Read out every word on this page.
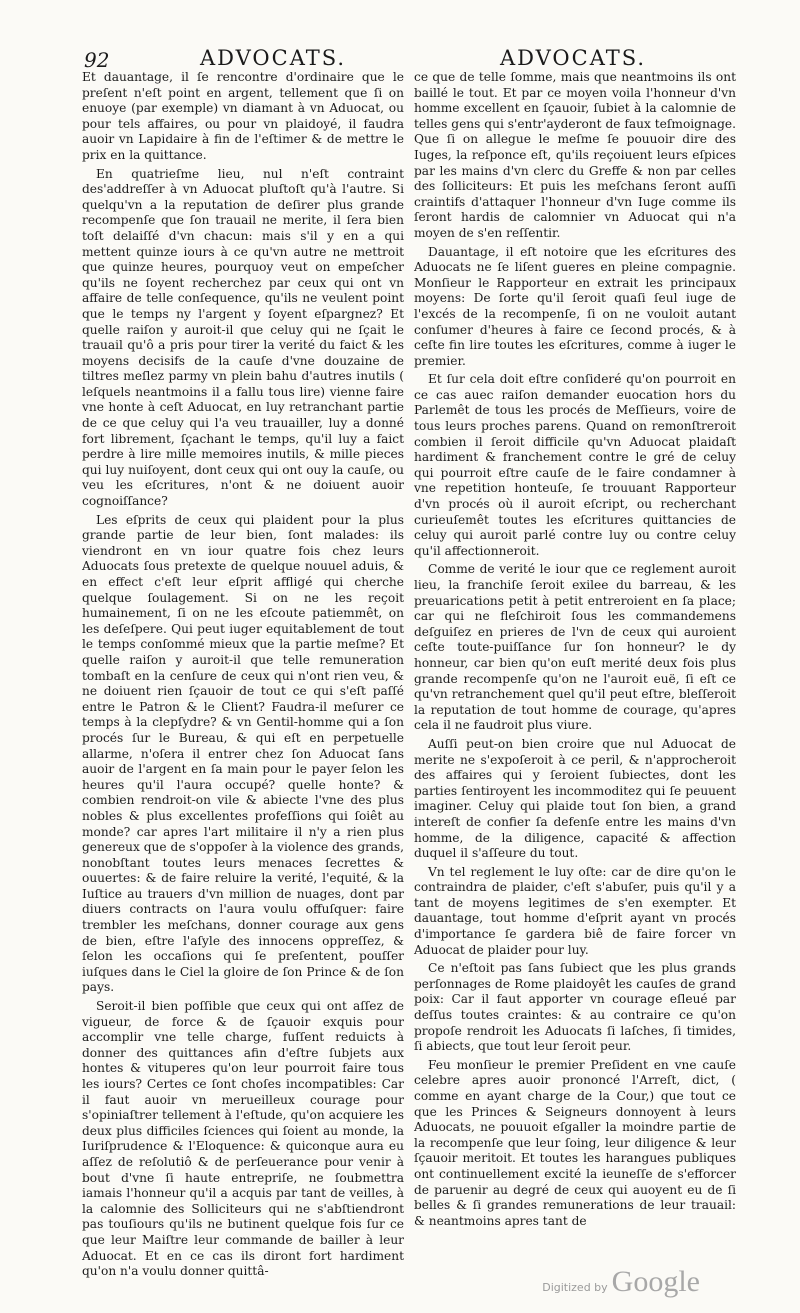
92	ADVOCATS.	ADVOCATS.

Et dauantage, il ſe rencontre d'ordinaire que le preſent n'eſt point en argent, tellement que ſi on enuoye (par exemple) vn diamant à vn Aduocat, ou pour tels affaires, ou pour vn plaidoyé, il faudra auoir vn Lapidaire à fin de l'eſtimer & de mettre le prix en la quittance.

En quatrieſme lieu, nul n'eſt contraint des'addreſſer à vn Aduocat pluſtoſt qu'à l'autre. Si quelqu'vn a la reputation de deſirer plus grande recompenſe que ſon trauail ne merite, il ſera bien toſt delaiſſé d'vn chacun: mais s'il y en a qui mettent quinze iours à ce qu'vn autre ne mettroit que quinze heures, pourquoy veut on empeſcher qu'ils ne ſoyent recherchez par ceux qui ont vn affaire de telle conſequence, qu'ils ne veulent point que le temps ny l'argent y ſoyent eſpargnez? Et quelle raiſon y auroit-il que celuy qui ne ſçait le trauail qu'ô a pris pour tirer la verité du faict & les moyens decisifs de la cauſe d'vne douzaine de tiltres meſlez parmy vn plein bahu d'autres inutils ( leſquels neantmoins il a fallu tous lire) vienne faire vne honte à ceſt Aduocat, en luy retranchant partie de ce que celuy qui l'a veu trauailler, luy a donné fort librement, ſçachant le temps, qu'il luy a faict perdre à lire mille memoires inutils, & mille pieces qui luy nuiſoyent, dont ceux qui ont ouy la cauſe, ou veu les eſcritures, n'ont & ne doiuent auoir cognoiſſance?

Les eſprits de ceux qui plaident pour la plus grande partie de leur bien, ſont malades: ils viendront en vn iour quatre fois chez leurs Aduocats ſous pretexte de quelque nouuel aduis, & en effect c'eſt leur eſprit affligé qui cherche quelque ſoulagement. Si on ne les reçoit humainement, ſi on ne les eſcoute patiemmêt, on les deſeſpere. Qui peut iuger equitablement de tout le temps conſommé mieux que la partie meſme? Et quelle raiſon y auroit-il que telle remuneration tombaſt en la cenſure de ceux qui n'ont rien veu, & ne doiuent rien ſçauoir de tout ce qui s'eſt paſſé entre le Patron & le Client? Faudra-il meſurer ce temps à la clepſydre? & vn Gentil-homme qui a ſon procés ſur le Bureau, & qui eſt en perpetuelle allarme, n'oſera il entrer chez ſon Aduocat ſans auoir de l'argent en ſa main pour le payer ſelon les heures qu'il l'aura occupé? quelle honte? & combien rendroit-on vile & abiecte l'vne des plus nobles & plus excellentes profeſſions qui ſoiêt au monde? car apres l'art militaire il n'y a rien plus genereux que de s'oppoſer à la violence des grands, nonobſtant toutes leurs menaces ſecrettes & ouuertes: & de faire reluire la verité, l'equité, & la Iuſtice au trauers d'vn million de nuages, dont par diuers contracts on l'aura voulu offuſquer: faire trembler les meſchans, donner courage aux gens de bien, eſtre l'aſyle des innocens oppreſſez, & ſelon les occaſions qui ſe preſentent, pouſſer iuſques dans le Ciel la gloire de ſon Prince & de ſon pays.

Seroit-il bien poſſible que ceux qui ont aſſez de vigueur, de force & de ſçauoir exquis pour accomplir vne telle charge, fuſſent reduicts à donner des quittances afin d'eſtre ſubjets aux hontes & vituperes qu'on leur pourroit faire tous les iours? Certes ce ſont choſes incompatibles: Car il faut auoir vn merueilleux courage pour s'opiniaſtrer tellement à l'eſtude, qu'on acquiere les deux plus difficiles ſciences qui ſoient au monde, la Iuriſprudence & l'Eloquence: & quiconque aura eu aſſez de reſolutiô & de perſeuerance pour venir à bout d'vne ſi haute entrepriſe, ne ſoubmettra iamais l'honneur qu'il a acquis par tant de veilles, à la calomnie des Solliciteurs qui ne s'abſtiendront pas touſiours qu'ils ne butinent quelque fois ſur ce que leur Maiſtre leur commande de bailler à leur Aduocat. Et en ce cas ils diront fort hardiment qu'on n'a voulu donner quittâ-

ce que de telle ſomme, mais que neantmoins ils ont baillé le tout. Et par ce moyen voila l'honneur d'vn homme excellent en ſçauoir, ſubiet à la calomnie de telles gens qui s'entr'ayderont de faux teſmoignage. Que ſi on allegue le meſme ſe pouuoir dire des Iuges, la reſponce eſt, qu'ils reçoiuent leurs eſpices par les mains d'vn clerc du Greffe & non par celles des ſolliciteurs: Et puis les meſchans ſeront auſſi craintifs d'attaquer l'honneur d'vn Iuge comme ils ſeront hardis de calomnier vn Aduocat qui n'a moyen de s'en reſſentir.

Dauantage, il eſt notoire que les eſcritures des Aduocats ne ſe liſent gueres en pleine compagnie. Monſieur le Rapporteur en extrait les principaux moyens: De ſorte qu'il ſeroit quaſi ſeul iuge de l'excés de la recompenſe, ſi on ne vouloit autant conſumer d'heures à faire ce ſecond procés, & à ceſte fin lire toutes les eſcritures, comme à iuger le premier.

Et ſur cela doit eſtre conſideré qu'on pourroit en ce cas auec raiſon demander euocation hors du Parlemêt de tous les procés de Meſſieurs, voire de tous leurs proches parens. Quand on remonſtreroit combien il ſeroit difficile qu'vn Aduocat plaidaſt hardiment & franchement contre le gré de celuy qui pourroit eſtre cauſe de le faire condamner à vne repetition honteuſe, ſe trouuant Rapporteur d'vn procés où il auroit eſcript, ou recherchant curieuſemêt toutes les eſcritures quittancies de celuy qui auroit parlé contre luy ou contre celuy qu'il affectionneroit.

Comme de verité le iour que ce reglement auroit lieu, la franchiſe ſeroit exilee du barreau, & les preuarications petit à petit entreroient en ſa place; car qui ne fleſchiroit ſous les commandemens deſguiſez en prieres de l'vn de ceux qui auroient ceſte toute-puiſſance ſur ſon honneur? le dy honneur, car bien qu'on euſt merité deux fois plus grande recompenſe qu'on ne l'auroit euë, ſi eſt ce qu'vn retranchement quel qu'il peut eſtre, bleſſeroit la reputation de tout homme de courage, qu'apres cela il ne faudroit plus viure.

Auſſi peut-on bien croire que nul Aduocat de merite ne s'expoſeroit à ce peril, & n'approcheroit des affaires qui y ſeroient ſubiectes, dont les parties ſentiroyent les incommoditez qui ſe peuuent imaginer. Celuy qui plaide tout ſon bien, a grand intereſt de confier ſa defenſe entre les mains d'vn homme, de la diligence, capacité & affection duquel il s'aſſeure du tout.

Vn tel reglement le luy oſte: car de dire qu'on le contraindra de plaider, c'eſt s'abuſer, puis qu'il y a tant de moyens legitimes de s'en exempter. Et dauantage, tout homme d'eſprit ayant vn procés d'importance ſe gardera biê de faire forcer vn Aduocat de plaider pour luy.

Ce n'eſtoit pas ſans ſubiect que les plus grands perſonnages de Rome plaidoyêt les cauſes de grand poix: Car il faut apporter vn courage eſleué par deſſus toutes craintes: & au contraire ce qu'on propoſe rendroit les Aduocats ſi laſches, ſi timides, ſi abiects, que tout leur ſeroit peur.

Feu monſieur le premier Preſident en vne cauſe celebre apres auoir prononcé l'Arreſt, dict, ( comme en ayant charge de la Cour,) que tout ce que les Princes & Seigneurs donnoyent à leurs Aduocats, ne pouuoit eſgaller la moindre partie de la recompenſe que leur ſoing, leur diligence & leur ſçauoir meritoit. Et toutes les harangues publiques ont continuellement excité la ieuneſſe de s'efforcer de paruenir au degré de ceux qui auoyent eu de ſi belles & ſi grandes remunerations de leur trauail: & neantmoins apres tant de

Digitized by Google
